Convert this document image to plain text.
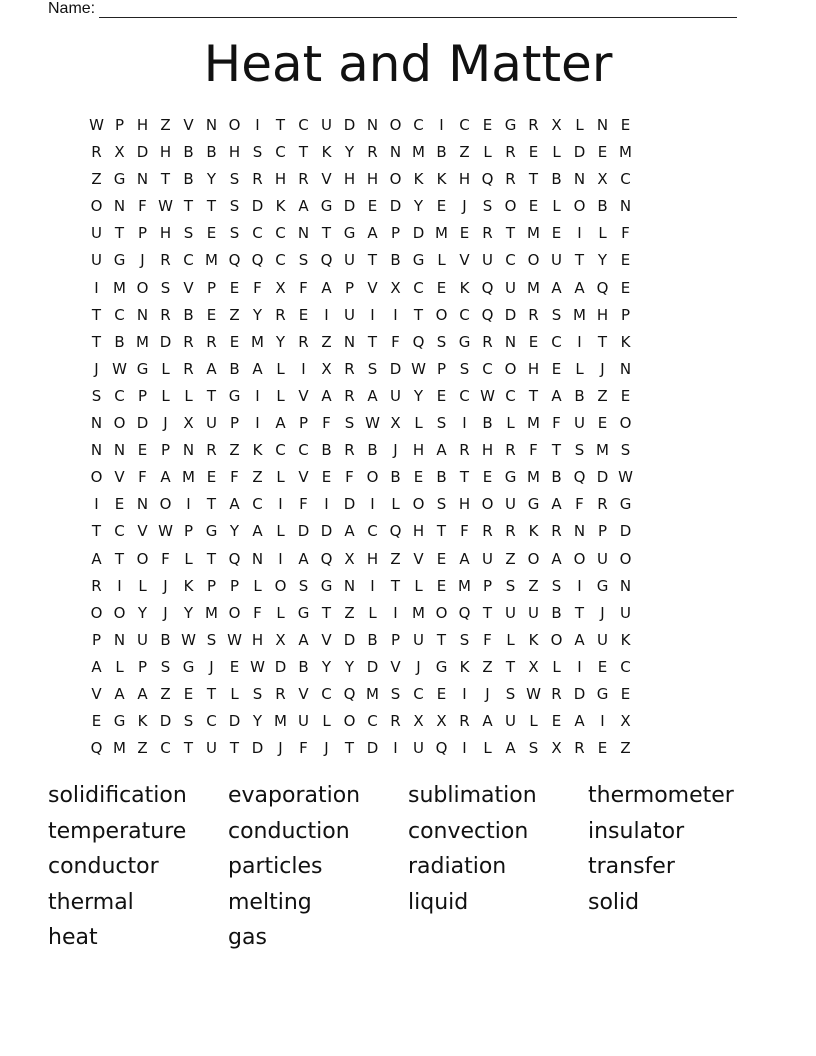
Name:
Heat and Matter
W P H Z V N O I	T C U D N O C	I	C E G R X L N E
R X D H B B H S C T K Y R N M B Z L R E L D E M
Z G N T B Y S R H R V H H O K K H Q R T B N X C
O N F W T T S D K A G D E D Y E	J	S O E L O B N
U T P H S E S C C N T G A P D M E R T M E	I	L F
U G J	R C M Q Q C S Q U T B G L V U C O U T Y E
I M O S V P E F X F A P V X C E K Q U M A A Q E
T C N R B E Z Y R E	I	U	I	I	T O C Q D R S M H P
T B M D R R E M Y R Z N T F Q S G R N E C	I	T K
J W G L R A B A L	I	X R S D W P S C O H E L	J	N
S C P L L T G I	L V A R A U Y E C W C T A B Z E
N O D	J	X U P	I	A P F S W X L S	I	B L M F U E O
N N E P N R Z K C C B R B	J	H A R H R F T S M S
O V F A M E F Z L V E F O B E B T E G M B Q D W
I	E N O I	T A C	I	F	I	D	I	L O S H O U G A F R G
T C V W P G Y A L D D A C Q H T F R R K R N P D
A T O F L T Q N	I	A Q X H Z V E A U Z O A O U O
R	I	L	J	K P P L O S G N	I	T L E M P S Z S	I G N
O O Y	J	Y M O F L G T Z L	I M O Q T U U B T	J	U
P N U B W S W H X A V D B P U T S F L K O A U K
A L P S G J	E W D B Y Y D V	J G K Z T X L	I	E C
V A A Z E T L S R V C Q M S C E	I	J	S W R D G E
E G K D S C D Y M U L O C R X X R A U L E A	I	X
Q M Z C T U T D	J	F	J	T D	I	U Q I	L A S X R E Z
solidification	evaporation	sublimation	thermometer
temperature	conduction	convection	insulator
conductor	particles	radiation	transfer
thermal	melting	liquid	solid
heat	gas
